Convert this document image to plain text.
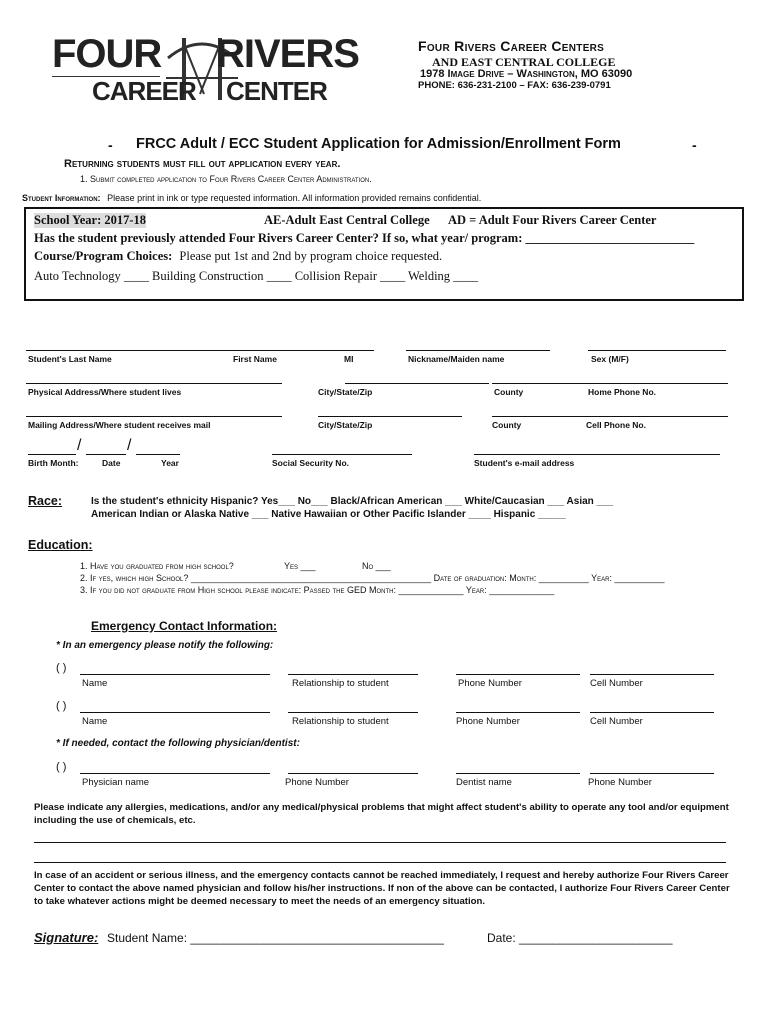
FOUR RIVERS
CAREER CENTER
Four Rivers Career Centers
AND EAST CENTRAL COLLEGE
1978 Image Drive – Washington, MO 63090
PHONE: 636-231-2100 – FAX: 636-239-0791
- FRCC Adult / ECC Student Application for Admission/Enrollment Form	-
Returning students must fill out application every year.
1. Submit completed application to Four Rivers Career Center Administration.
Student Information: Please print in ink or type requested information. All information provided remains confidential.
School Year: 2017-18	AE-Adult East Central College AD = Adult Four Rivers Career Center
Has the student previously attended Four Rivers Career Center? If so, what year/ program: ___________________________
Course/Program Choices: Please put 1st and 2nd by program choice requested.
Auto Technology ____ Building Construction ____ Collision Repair ____ Welding ____
Student's Last Name	First Name	MI	Nickname/Maiden name	Sex (M/F)
Physical Address/Where student lives	City/State/Zip	County	Home Phone No.
Mailing Address/Where student receives mail	City/State/Zip	County	Cell Phone No.
/	/
Birth Month:	Date	Year	Social Security No.	Student's e-mail address
Race:	Is the student's ethnicity Hispanic? Yes___ No___ Black/African American ___ White/Caucasian ___ Asian ___
American Indian or Alaska Native ___ Native Hawaiian or Other Pacific Islander ____ Hispanic _____
Education:
1. Have you graduated from high school?	Yes ___	No ___
2. If yes, which high School? ________________________________________________ Date of graduation: Month: __________ Year: __________
3. If you did not graduate from High school please indicate: Passed the GED Month: _____________ Year: _____________
Emergency Contact Information:
* In an emergency please notify the following:
( )
Name	Relationship to student	Phone Number	Cell Number
( )
Name	Relationship to student	Phone Number	Cell Number
* If needed, contact the following physician/dentist:
( )
Physician name	Phone Number	Dentist name	Phone Number
Please indicate any allergies, medications, and/or any medical/physical problems that might affect student's ability to operate any tool and/or equipment including the use of chemicals, etc.
In case of an accident or serious illness, and the emergency contacts cannot be reached immediately, I request and hereby authorize Four Rivers Career Center to contact the above named physician and follow his/her instructions. If non of the above can be contacted, I authorize Four Rivers Career Center to take whatever actions might be deemed necessary to meet the needs of an emergency situation.
Signature: Student Name: ______________________________________	Date: _______________________
